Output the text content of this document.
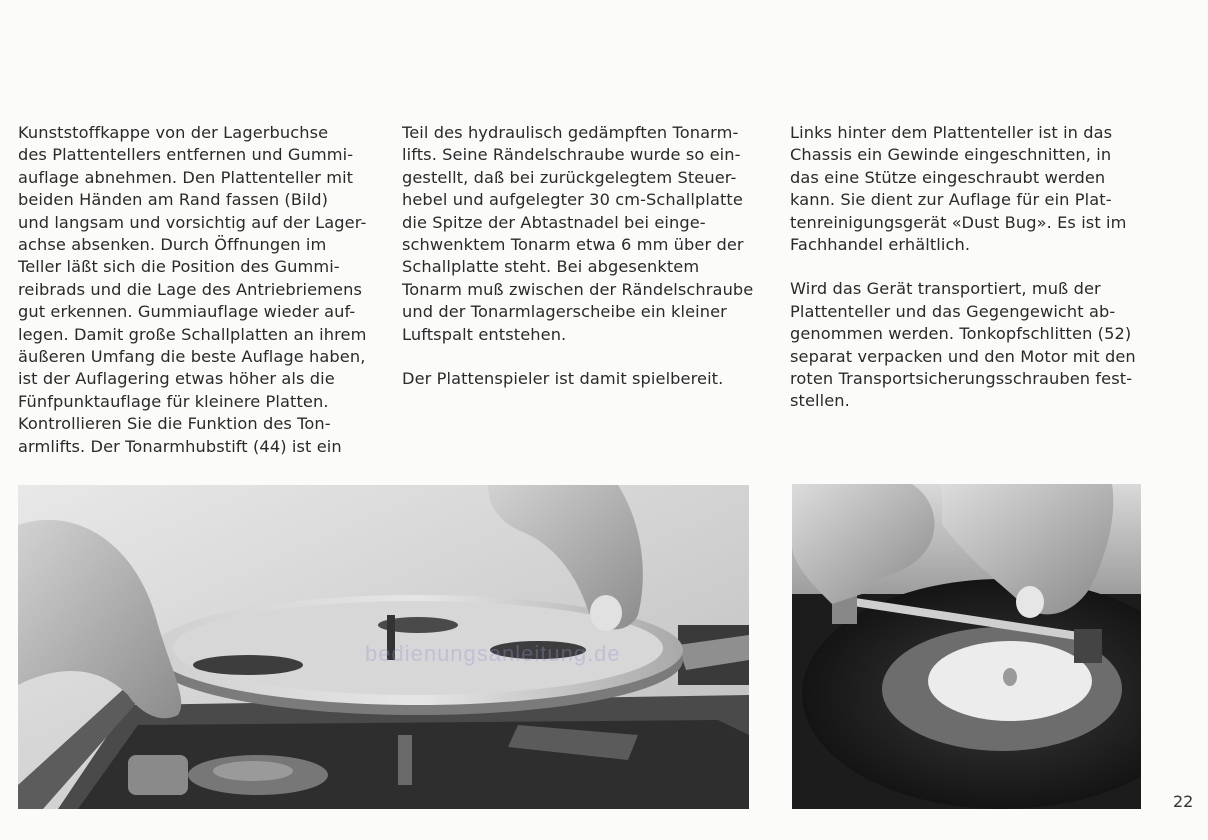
Kunststoffkappe von der Lagerbuchse
des Plattentellers entfernen und Gummi-
auflage abnehmen. Den Plattenteller mit
beiden Händen am Rand fassen (Bild)
und langsam und vorsichtig auf der Lager-
achse absenken. Durch Öffnungen im
Teller läßt sich die Position des Gummi-
reibrads und die Lage des Antriebriemens
gut erkennen. Gummiauflage wieder auf-
legen. Damit große Schallplatten an ihrem
äußeren Umfang die beste Auflage haben,
ist der Auflagering etwas höher als die
Fünfpunktauflage für kleinere Platten.
Kontrollieren Sie die Funktion des Ton-
armlifts. Der Tonarmhubstift (44) ist ein

Teil des hydraulisch gedämpften Tonarm-
lifts. Seine Rändelschraube wurde so ein-
gestellt, daß bei zurückgelegtem Steuer-
hebel und aufgelegter 30 cm-Schallplatte
die Spitze der Abtastnadel bei einge-
schwenktem Tonarm etwa 6 mm über der
Schallplatte steht. Bei abgesenktem
Tonarm muß zwischen der Rändelschraube
und der Tonarmlagerscheibe ein kleiner
Luftspalt entstehen.

Der Plattenspieler ist damit spielbereit.

Links hinter dem Plattenteller ist in das
Chassis ein Gewinde eingeschnitten, in
das eine Stütze eingeschraubt werden
kann. Sie dient zur Auflage für ein Plat-
tenreinigungsgerät «Dust Bug». Es ist im
Fachhandel erhältlich.

Wird das Gerät transportiert, muß der
Plattenteller und das Gegengewicht ab-
genommen werden. Tonkopfschlitten (52)
separat verpacken und den Motor mit den
roten Transportsicherungsschrauben fest-
stellen.

bedienungsanleitung.de
22
